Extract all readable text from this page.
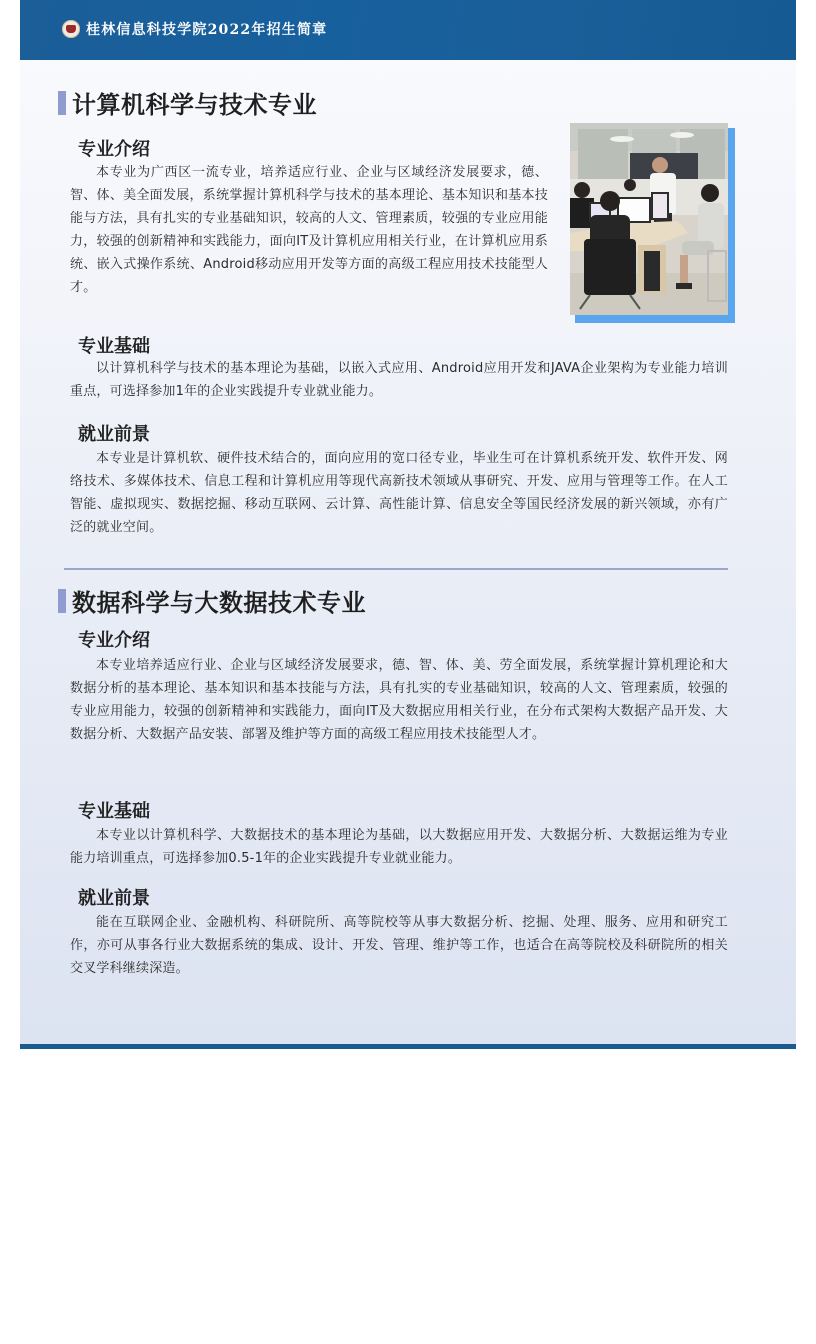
桂林信息科技学院2022年招生简章
计算机科学与技术专业
专业介绍
本专业为广西区一流专业，培养适应行业、企业与区域经济发展要求，德、智、体、美全面发展，系统掌握计算机科学与技术的基本理论、基本知识和基本技能与方法，具有扎实的专业基础知识，较高的人文、管理素质，较强的专业应用能力，较强的创新精神和实践能力，面向IT及计算机应用相关行业，在计算机应用系统、嵌入式操作系统、Android移动应用开发等方面的高级工程应用技术技能型人才。
专业基础
以计算机科学与技术的基本理论为基础，以嵌入式应用、Android应用开发和JAVA企业架构为专业能力培训重点，可选择参加1年的企业实践提升专业就业能力。
就业前景
本专业是计算机软、硬件技术结合的，面向应用的宽口径专业，毕业生可在计算机系统开发、软件开发、网络技术、多媒体技术、信息工程和计算机应用等现代高新技术领域从事研究、开发、应用与管理等工作。在人工智能、虚拟现实、数据挖掘、移动互联网、云计算、高性能计算、信息安全等国民经济发展的新兴领域，亦有广泛的就业空间。
数据科学与大数据技术专业
专业介绍
本专业培养适应行业、企业与区域经济发展要求，德、智、体、美、劳全面发展，系统掌握计算机理论和大数据分析的基本理论、基本知识和基本技能与方法，具有扎实的专业基础知识，较高的人文、管理素质，较强的专业应用能力，较强的创新精神和实践能力，面向IT及大数据应用相关行业，在分布式架构大数据产品开发、大数据分析、大数据产品安装、部署及维护等方面的高级工程应用技术技能型人才。
专业基础
本专业以计算机科学、大数据技术的基本理论为基础，以大数据应用开发、大数据分析、大数据运维为专业能力培训重点，可选择参加0.5-1年的企业实践提升专业就业能力。
就业前景
能在互联网企业、金融机构、科研院所、高等院校等从事大数据分析、挖掘、处理、服务、应用和研究工作，亦可从事各行业大数据系统的集成、设计、开发、管理、维护等工作，也适合在高等院校及科研院所的相关交叉学科继续深造。
